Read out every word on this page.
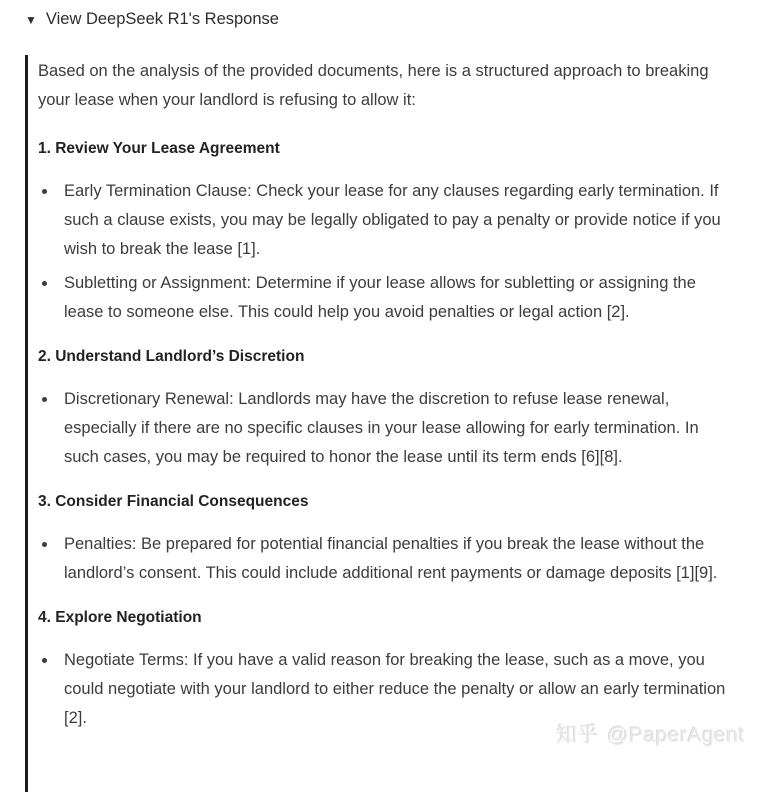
▼ View DeepSeek R1's Response

Based on the analysis of the provided documents, here is a structured approach to breaking your lease when your landlord is refusing to allow it:

1. Review Your Lease Agreement
• Early Termination Clause: Check your lease for any clauses regarding early termination. If such a clause exists, you may be legally obligated to pay a penalty or provide notice if you wish to break the lease [1].
• Subletting or Assignment: Determine if your lease allows for subletting or assigning the lease to someone else. This could help you avoid penalties or legal action [2].
2. Understand Landlord’s Discretion
• Discretionary Renewal: Landlords may have the discretion to refuse lease renewal, especially if there are no specific clauses in your lease allowing for early termination. In such cases, you may be required to honor the lease until its term ends [6][8].
3. Consider Financial Consequences
• Penalties: Be prepared for potential financial penalties if you break the lease without the landlord’s consent. This could include additional rent payments or damage deposits [1][9].
4. Explore Negotiation
• Negotiate Terms: If you have a valid reason for breaking the lease, such as a move, you could negotiate with your landlord to either reduce the penalty or allow an early termination [2].
知乎 @PaperAgent
